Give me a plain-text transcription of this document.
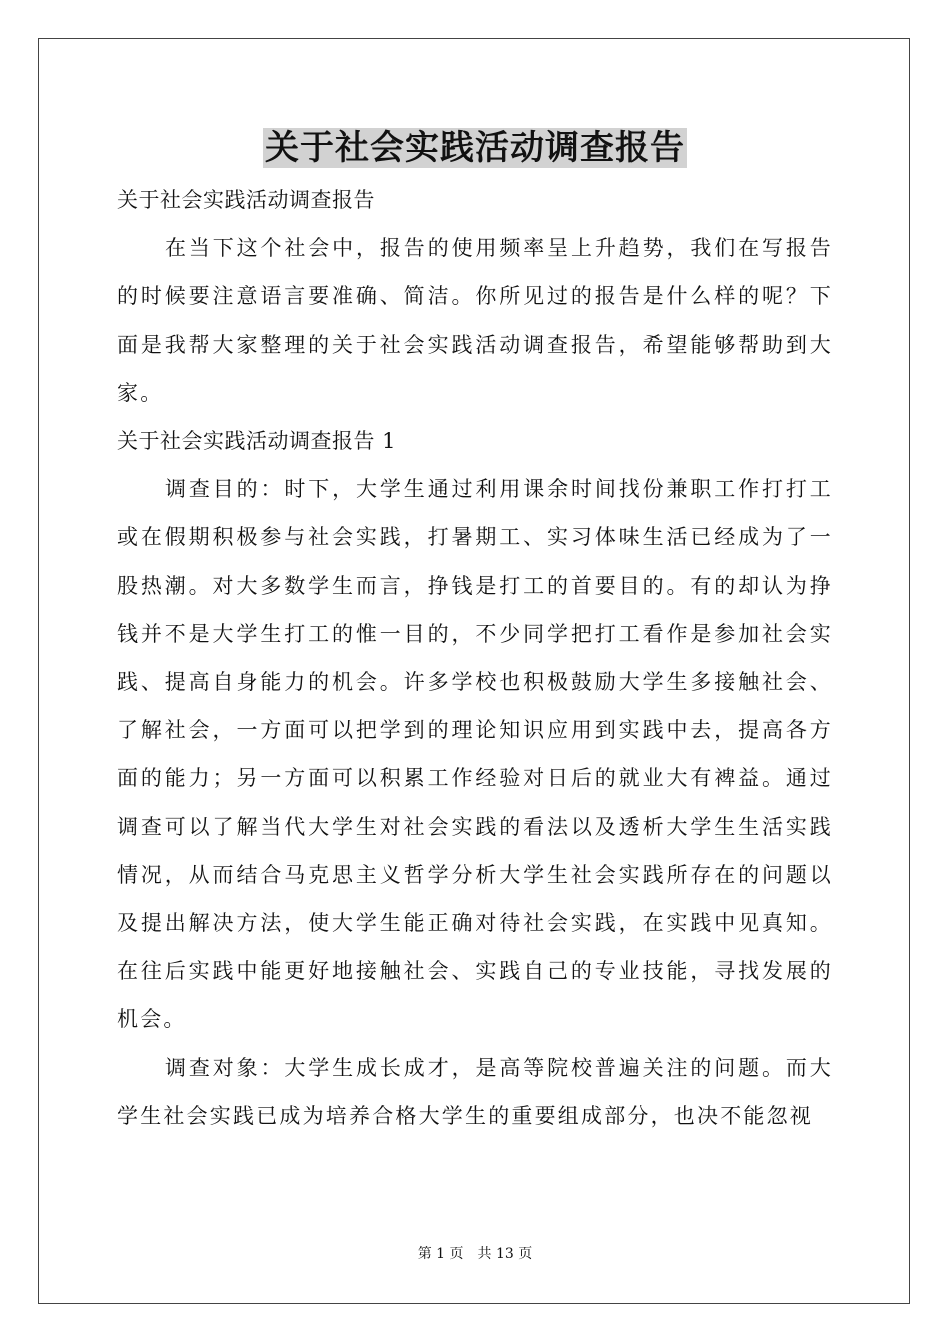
关于社会实践活动调查报告

关于社会实践活动调查报告

在当下这个社会中，报告的使用频率呈上升趋势，我们在写报告的时候要注意语言要准确、简洁。你所见过的报告是什么样的呢？下面是我帮大家整理的关于社会实践活动调查报告，希望能够帮助到大家。

关于社会实践活动调查报告 1

调查目的：时下，大学生通过利用课余时间找份兼职工作打打工或在假期积极参与社会实践，打暑期工、实习体味生活已经成为了一股热潮。对大多数学生而言，挣钱是打工的首要目的。有的却认为挣钱并不是大学生打工的惟一目的，不少同学把打工看作是参加社会实践、提高自身能力的机会。许多学校也积极鼓励大学生多接触社会、了解社会，一方面可以把学到的理论知识应用到实践中去，提高各方面的能力；另一方面可以积累工作经验对日后的就业大有裨益。通过调查可以了解当代大学生对社会实践的看法以及透析大学生生活实践情况，从而结合马克思主义哲学分析大学生社会实践所存在的问题以及提出解决方法，使大学生能正确对待社会实践，在实践中见真知。在往后实践中能更好地接触社会、实践自己的专业技能，寻找发展的机会。

调查对象：大学生成长成才，是高等院校普遍关注的问题。而大学生社会实践已成为培养合格大学生的重要组成部分，也决不能忽视

第 1 页 共 13 页
